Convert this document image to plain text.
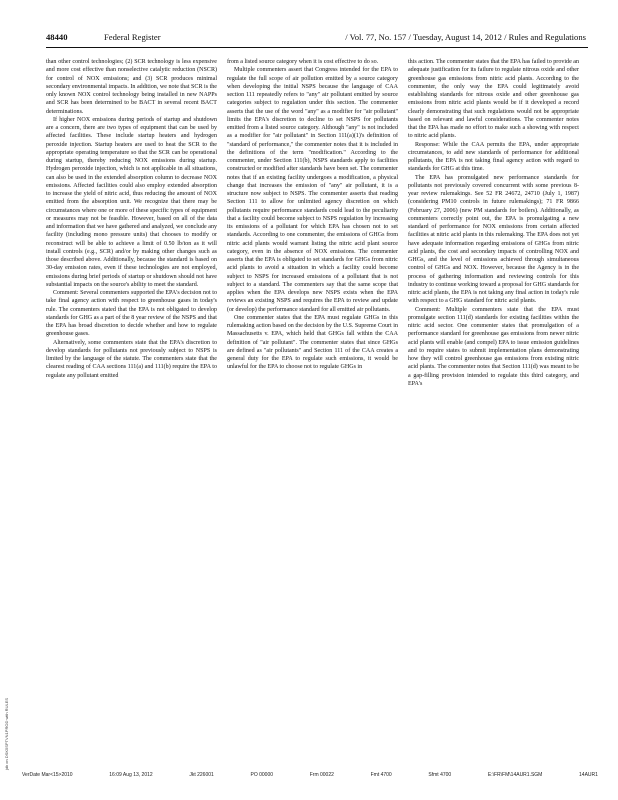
48440	Federal Register	/ Vol. 77, No. 157 / Tuesday, August 14, 2012 / Rules and Regulations

than other control technologies; (2) SCR technology is less expensive and more cost effective than nonselective catalytic reduction (NSCR) for control of NOX emissions; and (3) SCR produces minimal secondary environmental impacts. In addition, we note that SCR is the only known NOX control technology being installed in new NAPPs and SCR has been determined to be BACT in several recent BACT determinations.

If higher NOX emissions during periods of startup and shutdown are a concern, there are two types of equipment that can be used by affected facilities. These include startup heaters and hydrogen peroxide injection. Startup heaters are used to heat the SCR to the appropriate operating temperature so that the SCR can be operational during startup, thereby reducing NOX emissions during startup. Hydrogen peroxide injection, which is not applicable in all situations, can also be used in the extended absorption column to decrease NOX emissions. Affected facilities could also employ extended absorption to increase the yield of nitric acid, thus reducing the amount of NOX emitted from the absorption unit. We recognize that there may be circumstances where one or more of these specific types of equipment or measures may not be feasible. However, based on all of the data and information that we have gathered and analyzed, we conclude any facility (including mono pressure units) that chooses to modify or reconstruct will be able to achieve a limit of 0.50 lb/ton as it will install controls (e.g., SCR) and/or by making other changes such as those described above. Additionally, because the standard is based on 30-day emission rates, even if these technologies are not employed, emissions during brief periods of startup or shutdown should not have substantial impacts on the source's ability to meet the standard.

Comment: Several commenters supported the EPA's decision not to take final agency action with respect to greenhouse gases in today's rule. The commenters stated that the EPA is not obligated to develop standards for GHG as a part of the 8 year review of the NSPS and that the EPA has broad discretion to decide whether and how to regulate greenhouse gases.

Alternatively, some commenters state that the EPA's discretion to develop standards for pollutants not previously subject to NSPS is limited by the language of the statute. The commenters state that the clearest reading of CAA sections 111(a) and 111(b) require the EPA to regulate any pollutant emitted

from a listed source category when it is cost effective to do so.

Multiple commenters assert that Congress intended for the EPA to regulate the full scope of air pollution emitted by a source category when developing the initial NSPS because the language of CAA section 111 repeatedly refers to "any" air pollutant emitted by source categories subject to regulation under this section. The commenter asserts that the use of the word "any" as a modifier for "air pollutant" limits the EPA's discretion to decline to set NSPS for pollutants emitted from a listed source category. Although "any" is not included as a modifier for "air pollutant" in Section 111(a)(1)'s definition of "standard of performance," the commenter notes that it is included in the definitions of the term "modification." According to the commenter, under Section 111(b), NSPS standards apply to facilities constructed or modified after standards have been set. The commenter notes that if an existing facility undergoes a modification, a physical change that increases the emission of "any" air pollutant, it is a structure now subject to NSPS. The commenter asserts that reading Section 111 to allow for unlimited agency discretion on which pollutants require performance standards could lead to the peculiarity that a facility could become subject to NSPS regulation by increasing its emissions of a pollutant for which EPA has chosen not to set standards. According to one commenter, the emissions of GHGs from nitric acid plants would warrant listing the nitric acid plant source category, even in the absence of NOX emissions. The commenter asserts that the EPA is obligated to set standards for GHGs from nitric acid plants to avoid a situation in which a facility could become subject to NSPS for increased emissions of a pollutant that is not subject to a standard. The commenters say that the same scope that applies when the EPA develops new NSPS exists when the EPA reviews an existing NSPS and requires the EPA to review and update (or develop) the performance standard for all emitted air pollutants.

One commenter states that the EPA must regulate GHGs in this rulemaking action based on the decision by the U.S. Supreme Court in Massachusetts v. EPA, which held that GHGs fall within the CAA definition of "air pollutant". The commenter states that since GHGs are defined as "air pollutants" and Section 111 of the CAA creates a general duty for the EPA to regulate such emissions, it would be unlawful for the EPA to choose not to regulate GHGs in

this action. The commenter states that the EPA has failed to provide an adequate justification for its failure to regulate nitrous oxide and other greenhouse gas emissions from nitric acid plants. According to the commenter, the only way the EPA could legitimately avoid establishing standards for nitrous oxide and other greenhouse gas emissions from nitric acid plants would be if it developed a record clearly demonstrating that such regulations would not be appropriate based on relevant and lawful considerations. The commenter notes that the EPA has made no effort to make such a showing with respect to nitric acid plants.

Response: While the CAA permits the EPA, under appropriate circumstances, to add new standards of performance for additional pollutants, the EPA is not taking final agency action with regard to standards for GHG at this time.

The EPA has promulgated new performance standards for pollutants not previously covered concurrent with some previous 8-year review rulemakings. See 52 FR 24672, 24710 (July 1, 1987) (considering PM10 controls in future rulemakings); 71 FR 9866 (February 27, 2006) (new PM standards for boilers). Additionally, as commenters correctly point out, the EPA is promulgating a new standard of performance for NOX emissions from certain affected facilities at nitric acid plants in this rulemaking. The EPA does not yet have adequate information regarding emissions of GHGs from nitric acid plants, the cost and secondary impacts of controlling NOX and GHGs, and the level of emissions achieved through simultaneous control of GHGs and NOX. However, because the Agency is in the process of gathering information and reviewing controls for this industry to continue working toward a proposal for GHG standards for nitric acid plants, the EPA is not taking any final action in today's rule with respect to a GHG standard for nitric acid plants.

Comment: Multiple commenters state that the EPA must promulgate section 111(d) standards for existing facilities within the nitric acid sector. One commenter states that promulgation of a performance standard for greenhouse gas emissions from newer nitric acid plants will enable (and compel) EPA to issue emission guidelines and to require states to submit implementation plans demonstrating how they will control greenhouse gas emissions from existing nitric acid plants. The commenter notes that Section 111(d) was meant to be a gap-filling provision intended to regulate this third category, and EPA's

jdk on DSK5SPTVN1PROD with RULES
VerDate Mar<15>2010	16:09 Aug 13, 2012	Jkt 226001	PO 00000	Frm 00022	Fmt 4700	Sfmt 4700	E:\FR\FM\14AUR1.SGM	14AUR1
